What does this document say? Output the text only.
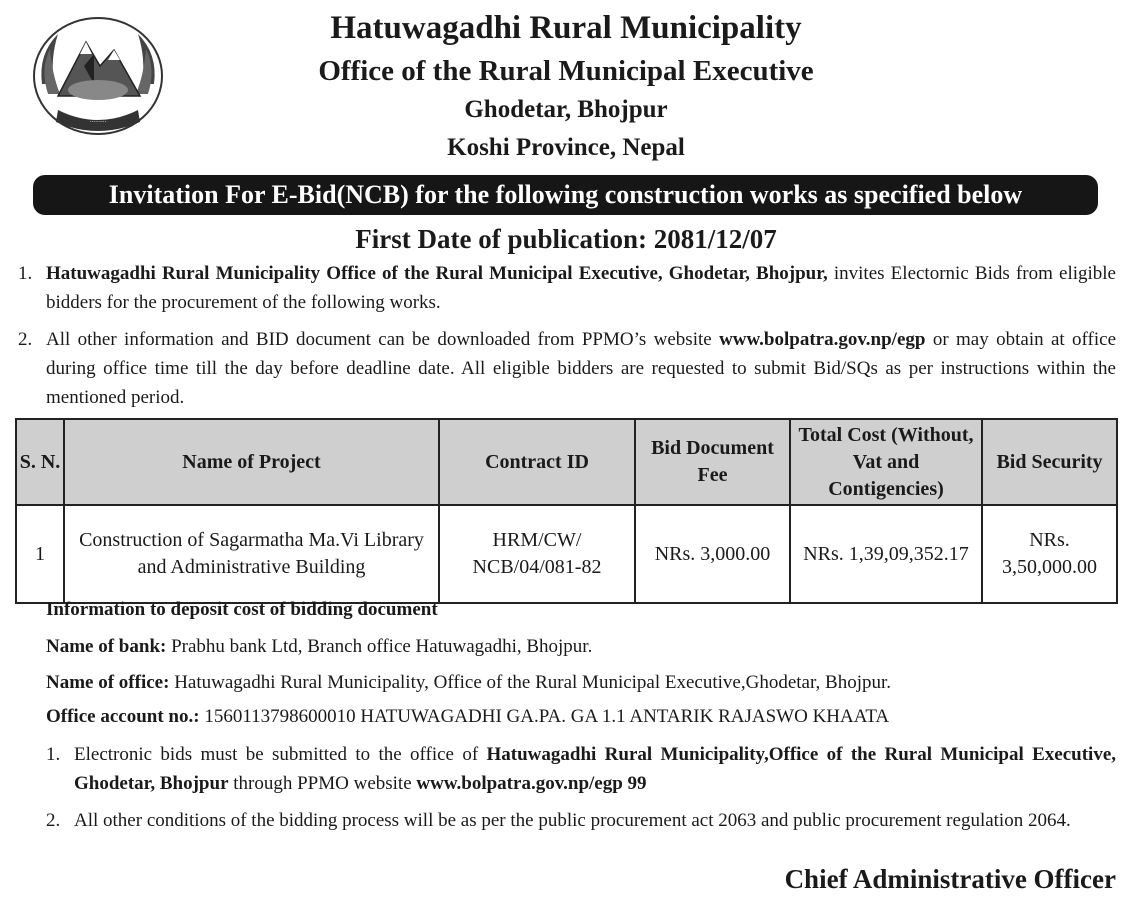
·········
Hatuwagadhi Rural Municipality
Office of the Rural Municipal Executive
Ghodetar, Bhojpur
Koshi Province, Nepal
Invitation For E-Bid(NCB) for the following construction works as specified below
First Date of publication: 2081/12/07
1. Hatuwagadhi Rural Municipality Office of the Rural Municipal Executive, Ghodetar, Bhojpur, invites Electornic Bids from eligible bidders for the procurement of the following works.
2. All other information and BID document can be downloaded from PPMO’s website www.bolpatra.gov.np/egp or may obtain at office during office time till the day before deadline date. All eligible bidders are requested to submit Bid/SQs as per instructions within the mentioned period.
S. N.	Name of Project	Contract ID	Bid Document Fee	Total Cost (Without, Vat and Contigencies)	Bid Security
1	Construction of Sagarmatha Ma.Vi Library and Administrative Building	HRM/CW/ NCB/04/081-82	NRs. 3,000.00	NRs. 1,39,09,352.17	NRs. 3,50,000.00
Information to deposit cost of bidding document
Name of bank: Prabhu bank Ltd, Branch office Hatuwagadhi, Bhojpur.
Name of office: Hatuwagadhi Rural Municipality, Office of the Rural Municipal Executive,Ghodetar, Bhojpur.
Office account no.: 1560113798600010 HATUWAGADHI GA.PA. GA 1.1 ANTARIK RAJASWO KHAATA
1. Electronic bids must be submitted to the office of Hatuwagadhi Rural Municipality,Office of the Rural Municipal Executive, Ghodetar, Bhojpur through PPMO website www.bolpatra.gov.np/egp 99
2. All other conditions of the bidding process will be as per the public procurement act 2063 and public procurement regulation 2064.
Chief Administrative Officer
